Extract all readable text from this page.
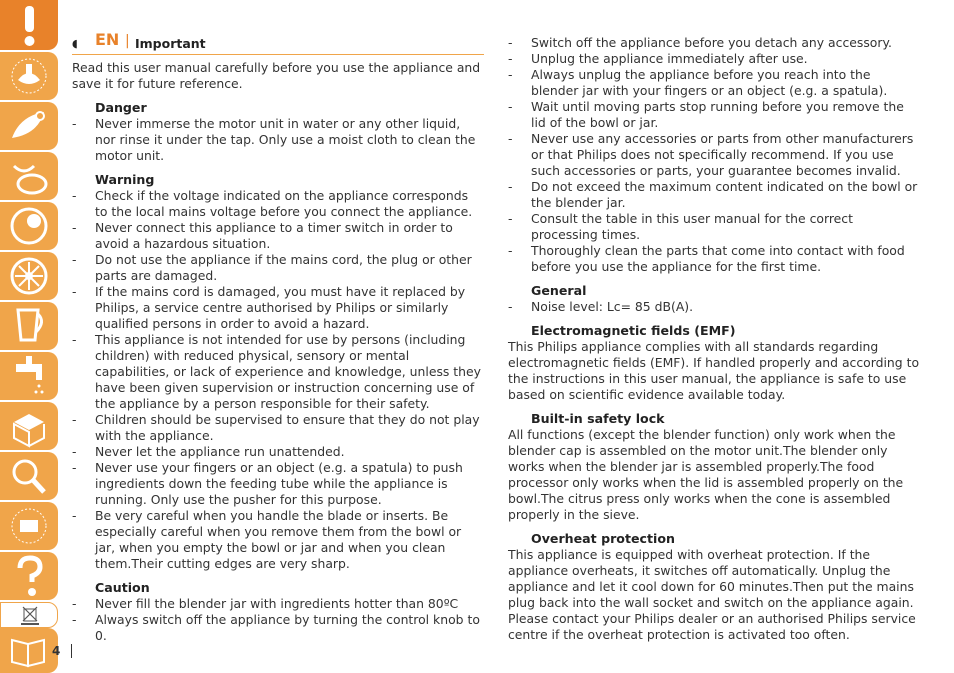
◖ EN | Important

Read this user manual carefully before you use the appliance and save it for future reference.

Danger
- Never immerse the motor unit in water or any other liquid, nor rinse it under the tap. Only use a moist cloth to clean the motor unit.
Warning
- Check if the voltage indicated on the appliance corresponds to the local mains voltage before you connect the appliance.
- Never connect this appliance to a timer switch in order to avoid a hazardous situation.
- Do not use the appliance if the mains cord, the plug or other parts are damaged.
- If the mains cord is damaged, you must have it replaced by Philips, a service centre authorised by Philips or similarly qualified persons in order to avoid a hazard.
- This appliance is not intended for use by persons (including children) with reduced physical, sensory or mental capabilities, or lack of experience and knowledge, unless they have been given supervision or instruction concerning use of the appliance by a person responsible for their safety.
- Children should be supervised to ensure that they do not play with the appliance.
- Never let the appliance run unattended.
- Never use your fingers or an object (e.g. a spatula) to push ingredients down the feeding tube while the appliance is running. Only use the pusher for this purpose.
- Be very careful when you handle the blade or inserts. Be especially careful when you remove them from the bowl or jar, when you empty the bowl or jar and when you clean them.Their cutting edges are very sharp.
Caution
- Never fill the blender jar with ingredients hotter than 80ºC
- Always switch off the appliance by turning the control knob to 0.
- Switch off the appliance before you detach any accessory.
- Unplug the appliance immediately after use.
- Always unplug the appliance before you reach into the blender jar with your fingers or an object (e.g. a spatula).
- Wait until moving parts stop running before you remove the lid of the bowl or jar.
- Never use any accessories or parts from other manufacturers or that Philips does not specifically recommend. If you use such accessories or parts, your guarantee becomes invalid.
- Do not exceed the maximum content indicated on the bowl or the blender jar.
- Consult the table in this user manual for the correct processing times.
- Thoroughly clean the parts that come into contact with food before you use the appliance for the first time.
General
- Noise level: Lc= 85 dB(A).
Electromagnetic fields (EMF)

This Philips appliance complies with all standards regarding electromagnetic fields (EMF). If handled properly and according to the instructions in this user manual, the appliance is safe to use based on scientific evidence available today.

Built-in safety lock

All functions (except the blender function) only work when the blender cap is assembled on the motor unit.The blender only works when the blender jar is assembled properly.The food processor only works when the lid is assembled properly on the bowl.The citrus press only works when the cone is assembled properly in the sieve.

Overheat protection

This appliance is equipped with overheat protection. If the appliance overheats, it switches off automatically. Unplug the appliance and let it cool down for 60 minutes.Then put the mains plug back into the wall socket and switch on the appliance again. Please contact your Philips dealer or an authorised Philips service centre if the overheat protection is activated too often.

4
